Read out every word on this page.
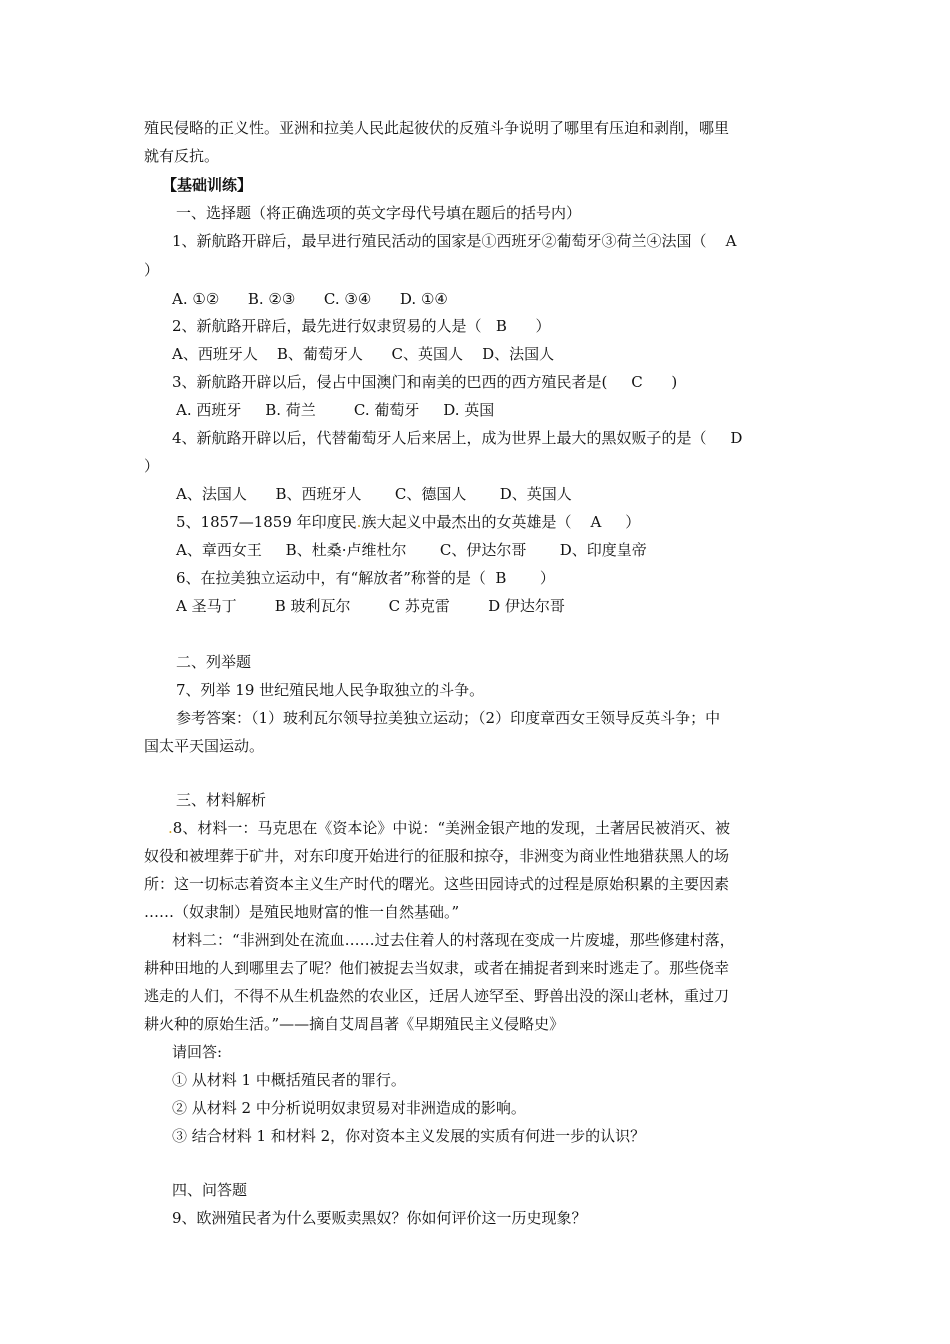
殖民侵略的正义性。亚洲和拉美人民此起彼伏的反殖斗争说明了哪里有压迫和剥削，哪里
就有反抗。
【基础训练】
一、选择题（将正确选项的英文字母代号填在题后的括号内）
1、新航路开辟后，最早进行殖民活动的国家是①西班牙②葡萄牙③荷兰④法国（    A
）
A. ①②      B. ②③      C. ③④      D. ①④
2、新航路开辟后，最先进行奴隶贸易的人是（   B      ）
A、西班牙人    B、葡萄牙人      C、英国人    D、法国人
3、新航路开辟以后，侵占中国澳门和南美的巴西的西方殖民者是(     C      )
A. 西班牙     B. 荷兰        C. 葡萄牙     D. 英国
4、新航路开辟以后，代替葡萄牙人后来居上，成为世界上最大的黑奴贩子的是（     D
）
A、法国人      B、西班牙人       C、德国人       D、英国人
5、1857—1859 年印度民.族大起义中最杰出的女英雄是（    A     ）
A、章西女王     B、杜桑·卢维杜尔       C、伊达尔哥       D、印度皇帝
6、在拉美独立运动中，有“解放者”称誉的是（  B       ）
A 圣马丁        B 玻利瓦尔        C 苏克雷        D 伊达尔哥
二、列举题
7、列举 19 世纪殖民地人民争取独立的斗争。
参考答案：（1）玻利瓦尔领导拉美独立运动；（2）印度章西女王领导反英斗争；中
国太平天国运动。
三、材料解析
.8、材料一：马克思在《资本论》中说：“美洲金银产地的发现，土著居民被消灭、被
奴役和被埋葬于矿井，对东印度开始进行的征服和掠夺，非洲变为商业性地猎获黑人的场
所：这一切标志着资本主义生产时代的曙光。这些田园诗式的过程是原始积累的主要因素
……（奴隶制）是殖民地财富的惟一自然基础。”
材料二：“非洲到处在流血……过去住着人的村落现在变成一片废墟，那些修建村落，
耕种田地的人到哪里去了呢？他们被捉去当奴隶，或者在捕捉者到来时逃走了。那些侥幸
逃走的人们，不得不从生机盎然的农业区，迁居人迹罕至、野兽出没的深山老林，重过刀
耕火种的原始生活。”——摘自艾周昌著《早期殖民主义侵略史》
请回答:
① 从材料 1 中概括殖民者的罪行。
② 从材料 2 中分析说明奴隶贸易对非洲造成的影响。
③ 结合材料 1 和材料 2，你对资本主义发展的实质有何进一步的认识？
四、问答题
9、欧洲殖民者为什么要贩卖黑奴？你如何评价这一历史现象？
